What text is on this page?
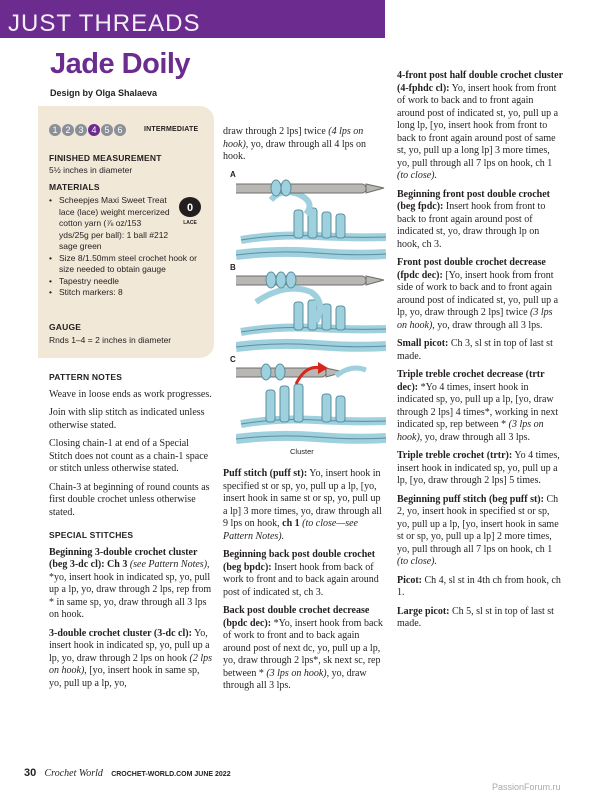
JUST THREADS
Jade Doily
Design by Olga Shalaeva
1 2 3 4 5 6	INTERMEDIATE
FINISHED MEASUREMENT
5½ inches in diameter
MATERIALS
• Scheepjes Maxi Sweet Treat lace (lace) weight mercerized cotton yarn (⅞ oz/153 yds/25g per ball): 1 ball #212 sage green
• Size 8/1.50mm steel crochet hook or size needed to obtain gauge
• Tapestry needle
• Stitch markers: 8
0
LACE
GAUGE
Rnds 1–4 = 2 inches in diameter

PATTERN NOTES

Weave in loose ends as work progresses.

Join with slip stitch as indicated unless otherwise stated.

Closing chain-1 at end of a Special Stitch does not count as a chain-1 space or stitch unless otherwise stated.

Chain-3 at beginning of round counts as first double crochet unless otherwise stated.

SPECIAL STITCHES

Beginning 3-double crochet cluster (beg 3-dc cl): Ch 3 (see Pattern Notes), *yo, insert hook in indicated sp, yo, pull up a lp, yo, draw through 2 lps, rep from * in same sp, yo, draw through all 3 lps on hook.

3-double crochet cluster (3-dc cl): Yo, insert hook in indicated sp, yo, pull up a lp, yo, draw through 2 lps on hook (2 lps on hook), [yo, insert hook in same sp, yo, pull up a lp, yo,

draw through 2 lps] twice (4 lps on hook), yo, draw through all 4 lps on hook.

A
B
C
Cluster

Puff stitch (puff st): Yo, insert hook in specified st or sp, yo, pull up a lp, [yo, insert hook in same st or sp, yo, pull up a lp] 3 more times, yo, draw through all 9 lps on hook, ch 1 (to close—see Pattern Notes).

Beginning back post double crochet (beg bpdc): Insert hook from back of work to front and to back again around post of indicated st, ch 3.

Back post double crochet decrease (bpdc dec): *Yo, insert hook from back of work to front and to back again around post of next dc, yo, pull up a lp, yo, draw through 2 lps*, sk next sc, rep between * (3 lps on hook), yo, draw through all 3 lps.

4-front post half double crochet cluster (4-fphdc cl): Yo, insert hook from front of work to back and to front again around post of indicated st, yo, pull up a long lp, [yo, insert hook from front to back to front again around post of same st, yo, pull up a long lp] 3 more times, yo, pull through all 7 lps on hook, ch 1 (to close).

Beginning front post double crochet (beg fpdc): Insert hook from front to back to front again around post of indicated st, yo, draw through lp on hook, ch 3.

Front post double crochet decrease (fpdc dec): [Yo, insert hook from front side of work to back and to front again around post of indicated st, yo, pull up a lp, yo, draw through 2 lps] twice (3 lps on hook), yo, draw through all 3 lps.

Small picot: Ch 3, sl st in top of last st made.

Triple treble crochet decrease (trtr dec): *Yo 4 times, insert hook in indicated sp, yo, pull up a lp, [yo, draw through 2 lps] 4 times*, working in next indicated sp, rep between * (3 lps on hook), yo, draw through all 3 lps.

Triple treble crochet (trtr): Yo 4 times, insert hook in indicated sp, yo, pull up a lp, [yo, draw through 2 lps] 5 times.

Beginning puff stitch (beg puff st): Ch 2, yo, insert hook in specified st or sp, yo, pull up a lp, [yo, insert hook in same st or sp, yo, pull up a lp] 2 more times, yo, pull through all 7 lps on hook, ch 1 (to close).

Picot: Ch 4, sl st in 4th ch from hook, ch 1.

Large picot: Ch 5, sl st in top of last st made.

30 Crochet World CROCHET-WORLD.COM JUNE 2022
PassionForum.ru
